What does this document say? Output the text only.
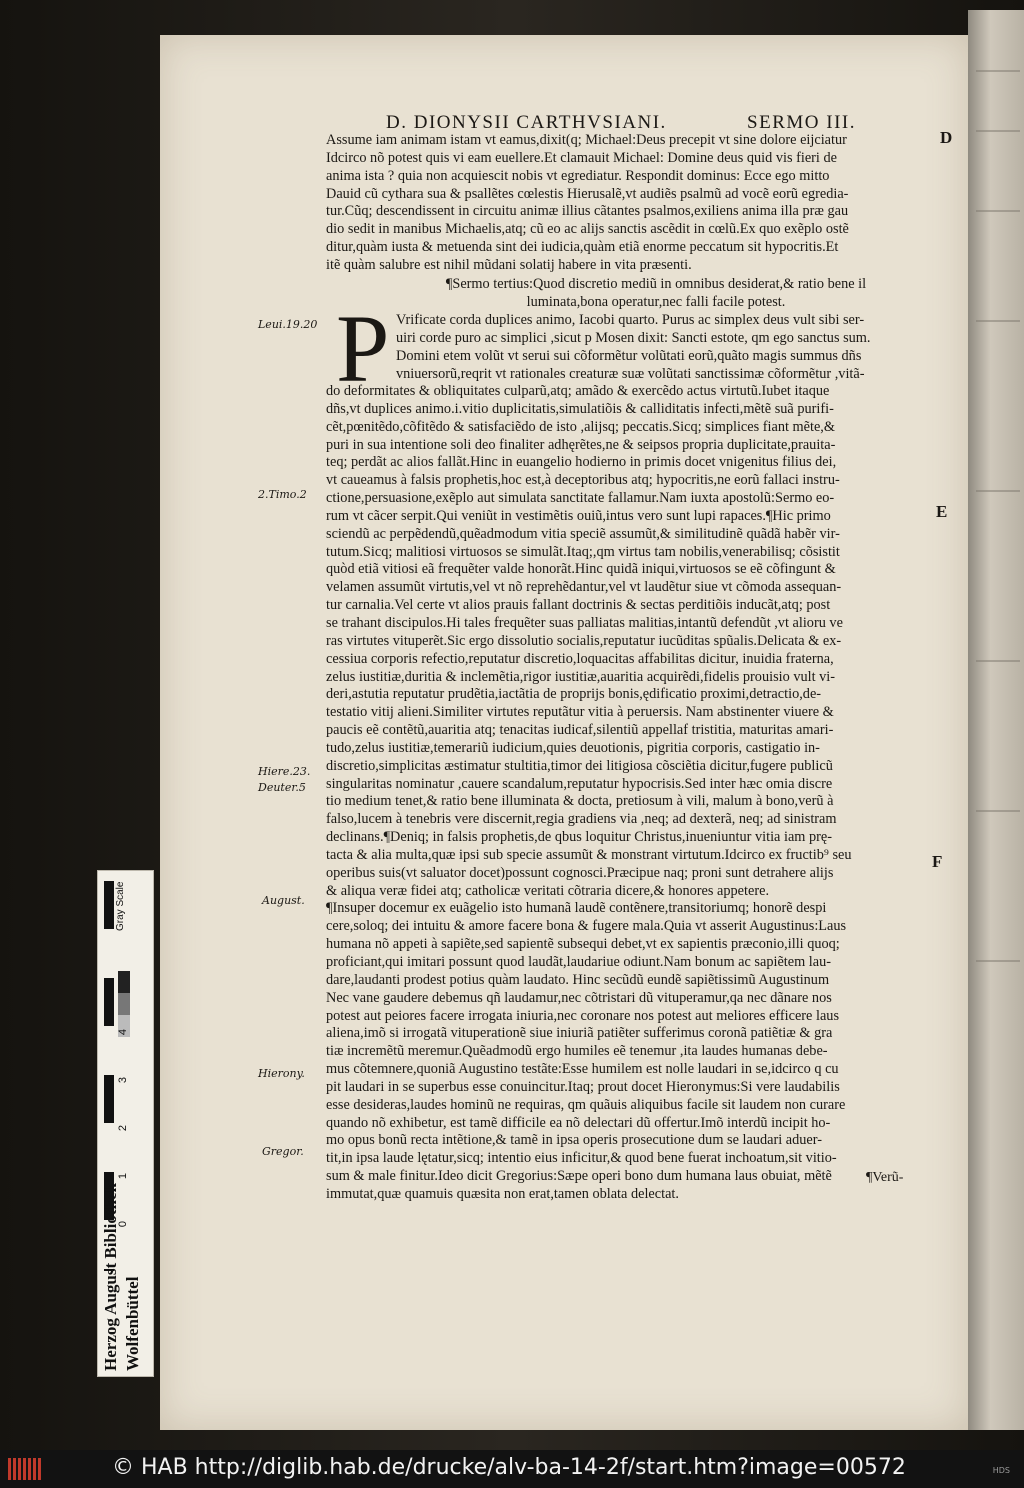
D. DIONYSII CARTHVSIANI.	SERMO III.
D
E
F
Assume iam animam istam vt eamus,dixit(q; Michael:Deus precepit vt sine dolore eijciatur
Idcirco nõ potest quis vi eam euellere.Et clamauit Michael: Domine deus quid vis fieri de
anima ista ? quia non acquiescit nobis vt egrediatur. Respondit dominus: Ecce ego mitto
Dauid cũ cythara sua & psallẽtes cœlestis Hierusalẽ,vt audiẽs psalmũ ad vocẽ eorũ egredia-
tur.Cũq; descendissent in circuitu animæ illius cãtantes psalmos,exiliens anima illa præ gau
dio sedit in manibus Michaelis,atq; cũ eo ac alijs sanctis ascẽdit in cœlũ.Ex quo exẽplo ostẽ
ditur,quàm iusta & metuenda sint dei iudicia,quàm etiã enorme peccatum sit hypocritis.Et
itẽ quàm salubre est nihil mũdani solatij habere in vita præsenti.
¶Sermo tertius:Quod discretio mediũ in omnibus desiderat,& ratio bene il
luminata,bona operatur,nec falli facile potest.
P Vrificate corda duplices animo, Iacobi quarto. Purus ac simplex deus vult sibi ser-
uiri corde puro ac simplici ,sicut p Mosen dixit: Sancti estote, qm ego sanctus sum.
Domini etem volũt vt serui sui cõformẽtur volũtati eorũ,quãto magis summus dñs
vniuersorũ,reqrit vt rationales creaturæ suæ volũtati sanctissimæ cõformẽtur ,vitã-
do deformitates & obliquitates culparũ,atq; amãdo & exercẽdo actus virtutũ.Iubet itaque
dñs,vt duplices animo.i.vitio duplicitatis,simulatiõis & calliditatis infecti,mẽtẽ suã purifi-
cẽt,pœnitẽdo,cõfitẽdo & satisfaciẽdo de isto ,alijsq; peccatis.Sicq; simplices fiant mẽte,&
puri in sua intentione soli deo finaliter adhęrẽtes,ne & seipsos propria duplicitate,prauita-
teq; perdãt ac alios fallãt.Hinc in euangelio hodierno in primis docet vnigenitus filius dei,
vt caueamus à falsis prophetis,hoc est,à deceptoribus atq; hypocritis,ne eorũ fallaci instru-
ctione,persuasione,exẽplo aut simulata sanctitate fallamur.Nam iuxta apostolũ:Sermo eo-
rum vt cãcer serpit.Qui veniũt in vestimẽtis ouiũ,intus vero sunt lupi rapaces.¶Hic primo
sciendũ ac perpẽdendũ,quẽadmodum vitia speciẽ assumũt,& similitudinẽ quãdã habẽr vir-
tutum.Sicq; malitiosi virtuosos se simulãt.Itaq;,qm virtus tam nobilis,venerabilisq; cõsistit
quòd etiã vitiosi eã frequẽter valde honorãt.Hinc quidã iniqui,virtuosos se eẽ cõfingunt &
velamen assumũt virtutis,vel vt nõ reprehẽdantur,vel vt laudẽtur siue vt cõmoda assequan-
tur carnalia.Vel certe vt alios prauis fallant doctrinis & sectas perditiõis inducãt,atq; post
se trahant discipulos.Hi tales frequẽter suas palliatas malitias,intantũ defendũt ,vt alioru ve
ras virtutes vituperẽt.Sic ergo dissolutio socialis,reputatur iucũditas spũalis.Delicata & ex-
cessiua corporis refectio,reputatur discretio,loquacitas affabilitas dicitur, inuidia fraterna,
zelus iustitiæ,duritia & inclemẽtia,rigor iustitiæ,auaritia acquirẽdi,fidelis prouisio vult vi-
deri,astutia reputatur prudẽtia,iactãtia de proprijs bonis,ędificatio proximi,detractio,de-
testatio vitij alieni.Similiter virtutes reputãtur vitia à peruersis. Nam abstinenter viuere &
paucis eẽ contẽtũ,auaritia atq; tenacitas iudicaf,silentiũ appellaf tristitia, maturitas amari-
tudo,zelus iustitiæ,temerariũ iudicium,quies deuotionis, pigritia corporis, castigatio in-
discretio,simplicitas æstimatur stultitia,timor dei litigiosa cõsciẽtia dicitur,fugere publicũ
singularitas nominatur ,cauere scandalum,reputatur hypocrisis.Sed inter hæc omia discre
tio medium tenet,& ratio bene illuminata & docta, pretiosum à vili, malum à bono,verũ à
falso,lucem à tenebris vere discernit,regia gradiens via ,neq; ad dexterã, neq; ad sinistram
declinans.¶Deniq; in falsis prophetis,de qbus loquitur Christus,inueniuntur vitia iam prę-
tacta & alia multa,quæ ipsi sub specie assumũt & monstrant virtutum.Idcirco ex fructib⁹ seu
operibus suis(vt saluator docet)possunt cognosci.Præcipue naq; proni sunt detrahere alijs
& aliqua veræ fidei atq; catholicæ veritati cõtraria dicere,& honores appetere.
¶Insuper docemur ex euãgelio isto humanã laudẽ contẽnere,transitoriumq; honorẽ despi
cere,soloq; dei intuitu & amore facere bona & fugere mala.Quia vt asserit Augustinus:Laus
humana nõ appeti à sapiẽte,sed sapientẽ subsequi debet,vt ex sapientis præconio,illi quoq;
proficiant,qui imitari possunt quod laudãt,laudariue odiunt.Nam bonum ac sapiẽtem lau-
dare,laudanti prodest potius quàm laudato. Hinc secũdũ eundẽ sapiẽtissimũ Augustinum
Nec vane gaudere debemus qñ laudamur,nec cõtristari dũ vituperamur,qa nec dãnare nos
potest aut peiores facere irrogata iniuria,nec coronare nos potest aut meliores efficere laus
aliena,imõ si irrogatã vituperationẽ siue iniuriã patiẽter sufferimus coronã patiẽtiæ & gra
tiæ incremẽtũ meremur.Quẽadmodũ ergo humiles eẽ tenemur ,ita laudes humanas debe-
mus cõtemnere,quoniã Augustino testãte:Esse humilem est nolle laudari in se,idcirco q cu
pit laudari in se superbus esse conuincitur.Itaq; prout docet Hieronymus:Si vere laudabilis
esse desideras,laudes hominũ ne requiras, qm quãuis aliquibus facile sit laudem non curare
quando nõ exhibetur, est tamẽ difficile ea nõ delectari dũ offertur.Imõ interdũ incipit ho-
mo opus bonũ recta intẽtione,& tamẽ in ipsa operis prosecutione dum se laudari aduer-
tit,in ipsa laude lętatur,sicq; intentio eius inficitur,& quod bene fuerat inchoatum,sit vitio-
sum & male finitur.Ideo dicit Gregorius:Sæpe operi bono dum humana laus obuiat, mẽtẽ
immutat,quæ quamuis quæsita non erat,tamen oblata delectat.
Leui.19.20
2.Timo.2
Hiere.23.
Deuter.5
August.
Hierony.
Gregor.
¶Verũ-
Gray Scale
4
3
2
1
0
Herzog August Bibliothek Wolfenbüttel
© HAB http://diglib.hab.de/drucke/alv-ba-14-2f/start.htm?image=00572	HDS
